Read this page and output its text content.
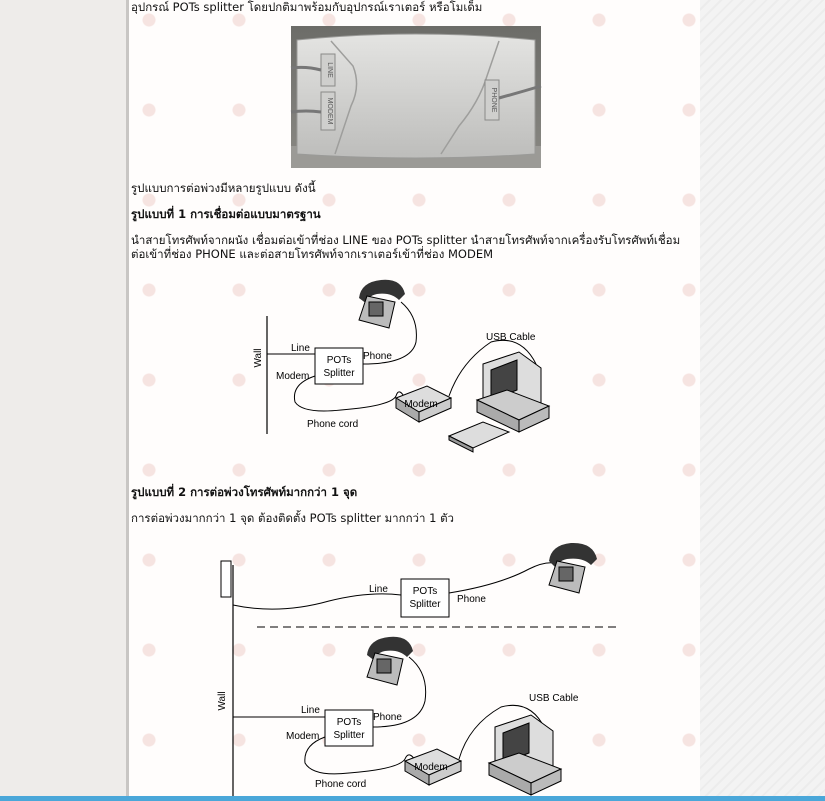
อุปกรณ์ POTs splitter โดยปกติมาพร้อมกับอุปกรณ์เราเตอร์ หรือโมเด็ม
LINE
MODEM	PHONE
รูปแบบการต่อพ่วงมีหลายรูปแบบ ดังนี้
รูปแบบที่ 1 การเชื่อมต่อแบบมาตรฐาน
นำสายโทรศัพท์จากผนัง เชื่อมต่อเข้าที่ช่อง LINE ของ POTs splitter นำสายโทรศัพท์จากเครื่องรับโทรศัพท์เชื่อม
ต่อเข้าที่ช่อง PHONE และต่อสายโทรศัพท์จากเราเตอร์เข้าที่ช่อง MODEM
Wall	Line
POTs
Splitter
Phone
Modem
Phone cord
Modem
USB Cable
รูปแบบที่ 2 การต่อพ่วงโทรศัพท์มากกว่า 1 จุด
การต่อพ่วงมากกว่า 1 จุด ต้องติดตั้ง POTs splitter มากกว่า 1 ตัว
Wall
Line POTs
Splitter Phone
Line
POTs
Splitter
Phone
Modem
Phone cord
Modem
USB Cable
